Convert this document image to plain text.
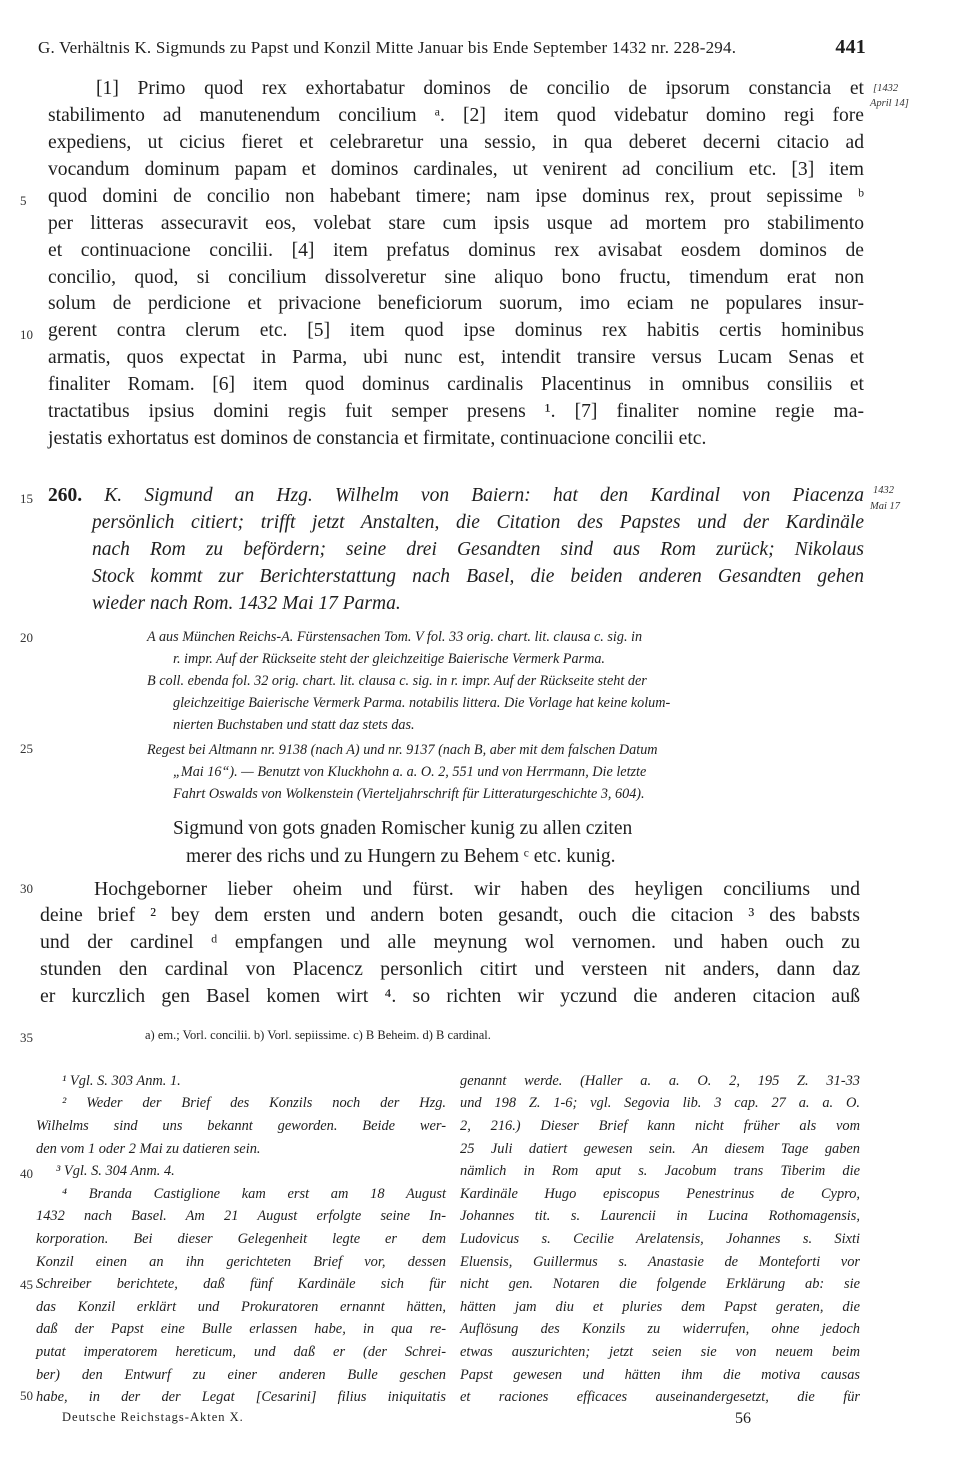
G. Verhältnis K. Sigmunds zu Papst und Konzil Mitte Januar bis Ende September 1432 nr. 228-294.	441
[1432
April 14]
1432
Mai 17
5
10
15
20
25
30
35
40
45
50
[1] Primo quod rex exhortabatur dominos de concilio de ipsorum constancia et
stabilimento ad manutenendum concilium ᵃ. [2] item quod videbatur domino regi fore
expediens, ut cicius fieret et celebraretur una sessio, in qua deberet decerni citacio ad
vocandum dominum papam et dominos cardinales, ut venirent ad concilium etc. [3] item
quod domini de concilio non habebant timere; nam ipse dominus rex, prout sepissime ᵇ
per litteras assecuravit eos, volebat stare cum ipsis usque ad mortem pro stabilimento
et continuacione concilii. [4] item prefatus dominus rex avisabat eosdem dominos de
concilio, quod, si concilium dissolveretur sine aliquo bono fructu, timendum erat non
solum de perdicione et privacione beneficiorum suorum, imo eciam ne populares insur-
gerent contra clerum etc. [5] item quod ipse dominus rex habitis certis hominibus
armatis, quos expectat in Parma, ubi nunc est, intendit transire versus Lucam Senas et
finaliter Romam. [6] item quod dominus cardinalis Placentinus in omnibus consiliis et
tractatibus ipsius domini regis fuit semper presens ¹. [7] finaliter nomine regie ma-
jestatis exhortatus est dominos de constancia et firmitate, continuacione concilii etc.
260. K. Sigmund an Hzg. Wilhelm von Baiern: hat den Kardinal von Piacenza
persönlich citiert; trifft jetzt Anstalten, die Citation des Papstes und der Kardinäle
nach Rom zu befördern; seine drei Gesandten sind aus Rom zurück; Nikolaus
Stock kommt zur Berichterstattung nach Basel, die beiden anderen Gesandten gehen
wieder nach Rom. 1432 Mai 17 Parma.
A aus München Reichs-A. Fürstensachen Tom. V fol. 33 orig. chart. lit. clausa c. sig. in
r. impr. Auf der Rückseite steht der gleichzeitige Baierische Vermerk Parma.
B coll. ebenda fol. 32 orig. chart. lit. clausa c. sig. in r. impr. Auf der Rückseite steht der
gleichzeitige Baierische Vermerk Parma. notabilis littera. Die Vorlage hat keine kolum-
nierten Buchstaben und statt daz stets das.
Regest bei Altmann nr. 9138 (nach A) und nr. 9137 (nach B, aber mit dem falschen Datum
„Mai 16“). — Benutzt von Kluckhohn a. a. O. 2, 551 und von Herrmann, Die letzte
Fahrt Oswalds von Wolkenstein (Vierteljahrschrift für Litteraturgeschichte 3, 604).
Sigmund von gots gnaden Romischer kunig zu allen cziten
merer des richs und zu Hungern zu Behem ᶜ etc. kunig.
Hochgeborner lieber oheim und fürst. wir haben des heyligen conciliums und
deine brief ² bey dem ersten und andern boten gesandt, ouch die citacion ³ des babsts
und der cardinel ᵈ empfangen und alle meynung wol vernomen. und haben ouch zu
stunden den cardinal von Placencz personlich citirt und versteen nit anders, dann daz
er kurczlich gen Basel komen wirt ⁴. so richten wir yczund die anderen citacion auß
a) em.; Vorl. concilii. b) Vorl. sepiissime. c) B Beheim. d) B cardinal.
¹ Vgl. S. 303 Anm. 1.
² Weder der Brief des Konzils noch der Hzg.
Wilhelms sind uns bekannt geworden. Beide wer-
den vom 1 oder 2 Mai zu datieren sein.
³ Vgl. S. 304 Anm. 4.
⁴ Branda Castiglione kam erst am 18 August
1432 nach Basel. Am 21 August erfolgte seine In-
korporation. Bei dieser Gelegenheit legte er dem
Konzil einen an ihn gerichteten Brief vor, dessen
Schreiber berichtete, daß fünf Kardinäle sich für
das Konzil erklärt und Prokuratoren ernannt hätten,
daß der Papst eine Bulle erlassen habe, in qua re-
putat imperatorem hereticum, und daß er (der Schrei-
ber) den Entwurf zu einer anderen Bulle geschen
habe, in der der Legat [Cesarini] filius iniquitatis
genannt werde. (Haller a. a. O. 2, 195 Z. 31-33
und 198 Z. 1-6; vgl. Segovia lib. 3 cap. 27 a. a. O.
2, 216.) Dieser Brief kann nicht früher als vom
25 Juli datiert gewesen sein. An diesem Tage gaben
nämlich in Rom aput s. Jacobum trans Tiberim die
Kardinäle Hugo episcopus Penestrinus de Cypro,
Johannes tit. s. Laurencii in Lucina Rothomagensis,
Ludovicus s. Cecilie Arelatensis, Johannes s. Sixti
Eluensis, Guillermus s. Anastasie de Monteforti vor
nicht gen. Notaren die folgende Erklärung ab: sie
hätten jam diu et pluries dem Papst geraten, die
Auflösung des Konzils zu widerrufen, ohne jedoch
etwas auszurichten; jetzt seien sie von neuem beim
Papst gewesen und hätten ihm die motiva causas
et raciones efficaces auseinandergesetzt, die für
Deutsche Reichstags-Akten X.	56
